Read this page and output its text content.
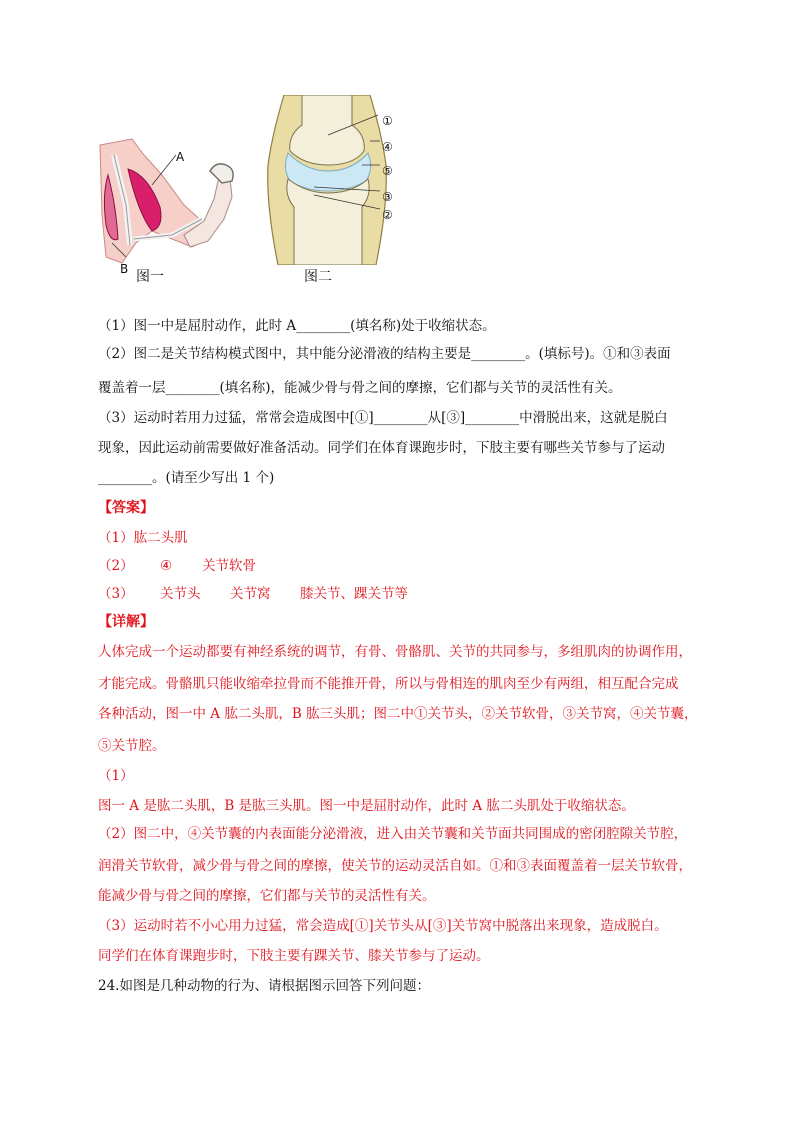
A
B 图一
①
④
⑤
③
②
图二
（1）图一中是屈肘动作，此时 A________(填名称)处于收缩状态。
（2）图二是关节结构模式图中，其中能分泌滑液的结构主要是________。(填标号)。①和③表面
覆盖着一层________(填名称)，能减少骨与骨之间的摩擦，它们都与关节的灵活性有关。
（3）运动时若用力过猛，常常会造成图中[①]________从[③]________中滑脱出来，这就是脱白
现象，因此运动前需要做好准备活动。同学们在体育课跑步时，下肢主要有哪些关节参与了运动
________。(请至少写出 1 个)
【答案】
（1）肱二头肌
（2） ④ 关节软骨
（3） 关节头 关节窝 膝关节、踝关节等
【详解】
人体完成一个运动都要有神经系统的调节，有骨、骨骼肌、关节的共同参与，多组肌肉的协调作用，
才能完成。骨骼肌只能收缩牵拉骨而不能推开骨，所以与骨相连的肌肉至少有两组，相互配合完成
各种活动，图一中 A 肱二头肌，B 肱三头肌；图二中①关节头，②关节软骨，③关节窝，④关节囊，
⑤关节腔。
（1）
图一 A 是肱二头肌，B 是肱三头肌。图一中是屈肘动作，此时 A 肱二头肌处于收缩状态。
（2）图二中，④关节囊的内表面能分泌滑液，进入由关节囊和关节面共同围成的密闭腔隙关节腔，
润滑关节软骨，减少骨与骨之间的摩擦，使关节的运动灵活自如。①和③表面覆盖着一层关节软骨，
能减少骨与骨之间的摩擦，它们都与关节的灵活性有关。
（3）运动时若不小心用力过猛，常会造成[①]关节头从[③]关节窝中脱落出来现象，造成脱白。
同学们在体育课跑步时，下肢主要有踝关节、膝关节参与了运动。
24.如图是几种动物的行为、请根据图示回答下列问题：
